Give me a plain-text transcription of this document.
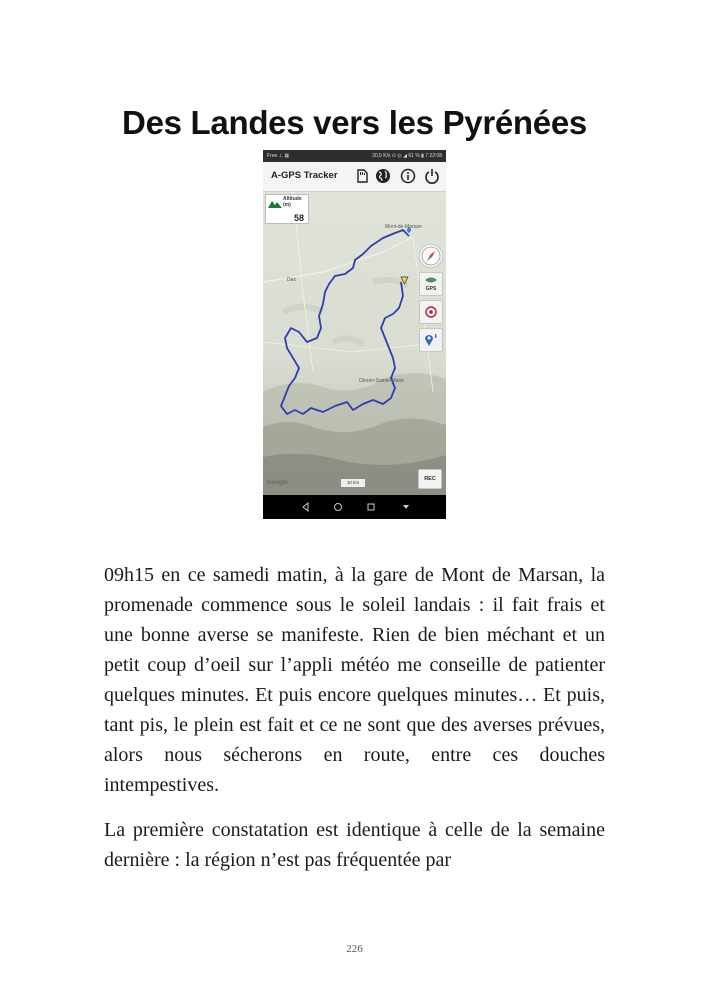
Des Landes vers les Pyrénées
Free ⊥ ▦	30,5 K/s ⊙ ◎ ◢ 61 % ▮ 7:22:08
A-GPS Tracker
Altitude
(m)
58
Mont-de-Marsan
Dax
Oloron-Sainte-Marie

GPS
Google	10 km
REC

09h15 en ce samedi matin, à la gare de Mont de Marsan, la promenade commence sous le soleil landais : il fait frais et une bonne averse se manifeste. Rien de bien méchant et un petit coup d’oeil sur l’appli météo me conseille de patienter quelques minutes. Et puis encore quelques minutes… Et puis, tant pis, le plein est fait et ce ne sont que des averses prévues, alors nous sécherons en route, entre ces douches intempestives.

La première constatation est identique à celle de la semaine dernière : la région n’est pas fréquentée par

226
